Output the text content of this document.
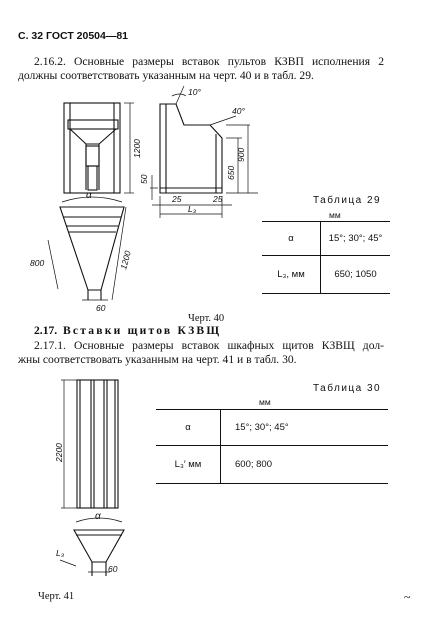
С. 32 ГОСТ 20504—81
2.16.2. Основные размеры вставок пультов КЗВП исполнения 2
должны соответствовать указанным на черт. 40 и в табл. 29.
1200
10°
40°
900
650
50
25	25
L₃
α
800	1200
60
Таблица 29
мм
α	15°; 30°; 45°
L₃, мм	650; 1050
Черт. 40
2.17. Вставки щитов КЗВЩ
2.17.1. Основные размеры вставок шкафных щитов КЗВЩ дол-
жны соответствовать указанным на черт. 41 и в табл. 30.
Таблица 30
мм
α	15°; 30°; 45°
L₃′ мм	600; 800
2200
α
L₃
60
Черт. 41	~
